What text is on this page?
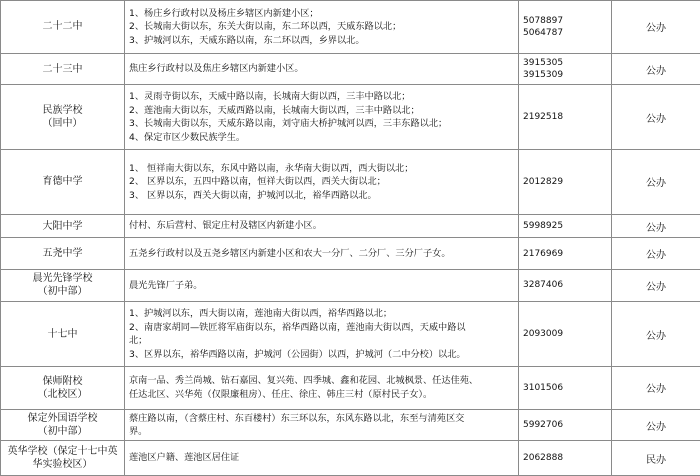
二十二中	1、杨庄乡行政村以及杨庄乡辖区内新建小区；
2、长城南大街以东，东关大街以南，东二环以西，天威东路以北；
3、护城河以东，天威东路以南，东二环以西，乡界以北。	5078897
5064787	公办

二十三中	焦庄乡行政村以及焦庄乡辖区内新建小区。	3915305
3915309	公办

民族学校
（回中）	1、灵雨寺街以东，天威中路以南，长城南大街以西，三丰中路以北；
2、莲池南大街以东，天威西路以南，长城南大街以西，三丰中路以北；
3、长城南大街以东，天威东路以南，刘守庙大桥护城河以西，三丰东路以北；
4、保定市区少数民族学生。	2192518	公办

育德中学	1、 恒祥南大街以东，东风中路以南，永华南大街以西，西大街以北；
2、 区界以东，五四中路以南，恒祥大街以西，西关大街以北；
3、 区界以东，西关大街以南，护城河以北，裕华西路以北。	2012829	公办

大阳中学	付村、东后营村、银定庄村及辖区内新建小区。	5998925	公办

五尧中学	五尧乡行政村以及五尧乡辖区内新建小区和农大一分厂、二分厂、三分厂子女。	2176969	公办

晨光先锋学校
（初中部）	晨光先锋厂子弟。	3287406	公办

十七中	1、护城河以东，西大街以南，莲池南大街以西，裕华西路以北；
2、南唐家胡同—铁匠将军庙街以东，裕华西路以南，莲池南大街以西，天威中路以
北；
3、区界以东，裕华西路以南，护城河（公园街）以西，护城河（二中分校）以北。	2093009	公办

保师附校
（北校区）	京南一品、秀兰尚城、钻石嘉园、复兴苑、四季城、鑫和花园、北城枫景、任达佳苑、
任达北区、兴华苑（仅限廉租房）、任庄、徐庄、韩庄三村（原村民子女）。	3101506	公办

保定外国语学校
（初中部）	蔡庄路以南，（含蔡庄村、东百楼村）东三环以东，东风东路以北，东至与清苑区交
界。	5992706	公办

英华学校（保定十七中英
华实验校区）	莲池区户籍、莲池区居住证	2062888	民办
